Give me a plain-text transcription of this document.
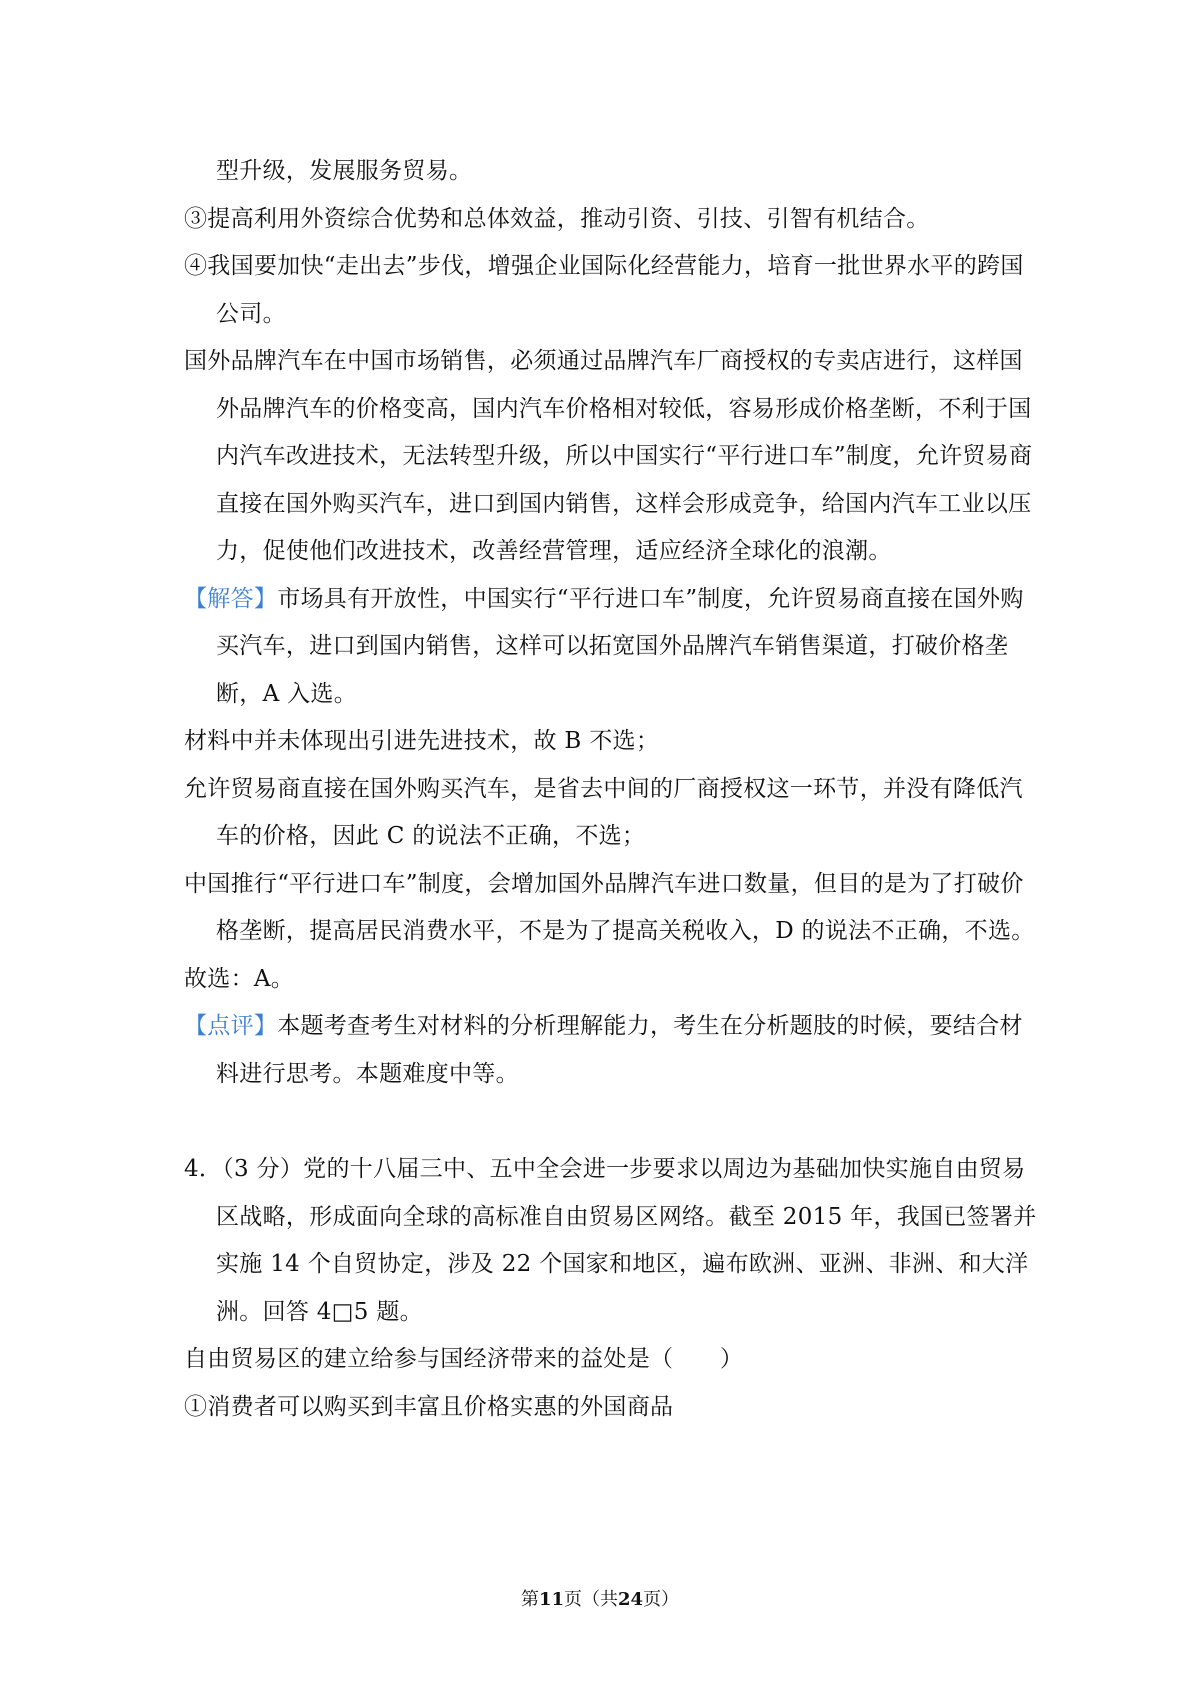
型升级，发展服务贸易。

③提高利用外资综合优势和总体效益，推动引资、引技、引智有机结合。

④我国要加快“走出去”步伐，增强企业国际化经营能力，培育一批世界水平的跨国公司。

国外品牌汽车在中国市场销售，必须通过品牌汽车厂商授权的专卖店进行，这样国外品牌汽车的价格变高，国内汽车价格相对较低，容易形成价格垄断，不利于国内汽车改进技术，无法转型升级，所以中国实行“平行进口车”制度，允许贸易商直接在国外购买汽车，进口到国内销售，这样会形成竞争，给国内汽车工业以压力，促使他们改进技术，改善经营管理，适应经济全球化的浪潮。

【解答】市场具有开放性，中国实行“平行进口车”制度，允许贸易商直接在国外购买汽车，进口到国内销售，这样可以拓宽国外品牌汽车销售渠道，打破价格垄断，A 入选。

材料中并未体现出引进先进技术，故 B 不选；

允许贸易商直接在国外购买汽车，是省去中间的厂商授权这一环节，并没有降低汽车的价格，因此 C 的说法不正确，不选；

中国推行“平行进口车”制度，会增加国外品牌汽车进口数量，但目的是为了打破价格垄断，提高居民消费水平，不是为了提高关税收入，D 的说法不正确，不选。

故选：A。

【点评】本题考查考生对材料的分析理解能力，考生在分析题肢的时候，要结合材料进行思考。本题难度中等。

4．（3 分）党的十八届三中、五中全会进一步要求以周边为基础加快实施自由贸易区战略，形成面向全球的高标准自由贸易区网络。截至 2015 年，我国已签署并实施 14 个自贸协定，涉及 22 个国家和地区，遍布欧洲、亚洲、非洲、和大洋洲。回答 4□5 题。

自由贸易区的建立给参与国经济带来的益处是（　　）

①消费者可以购买到丰富且价格实惠的外国商品

第11页（共24页）
